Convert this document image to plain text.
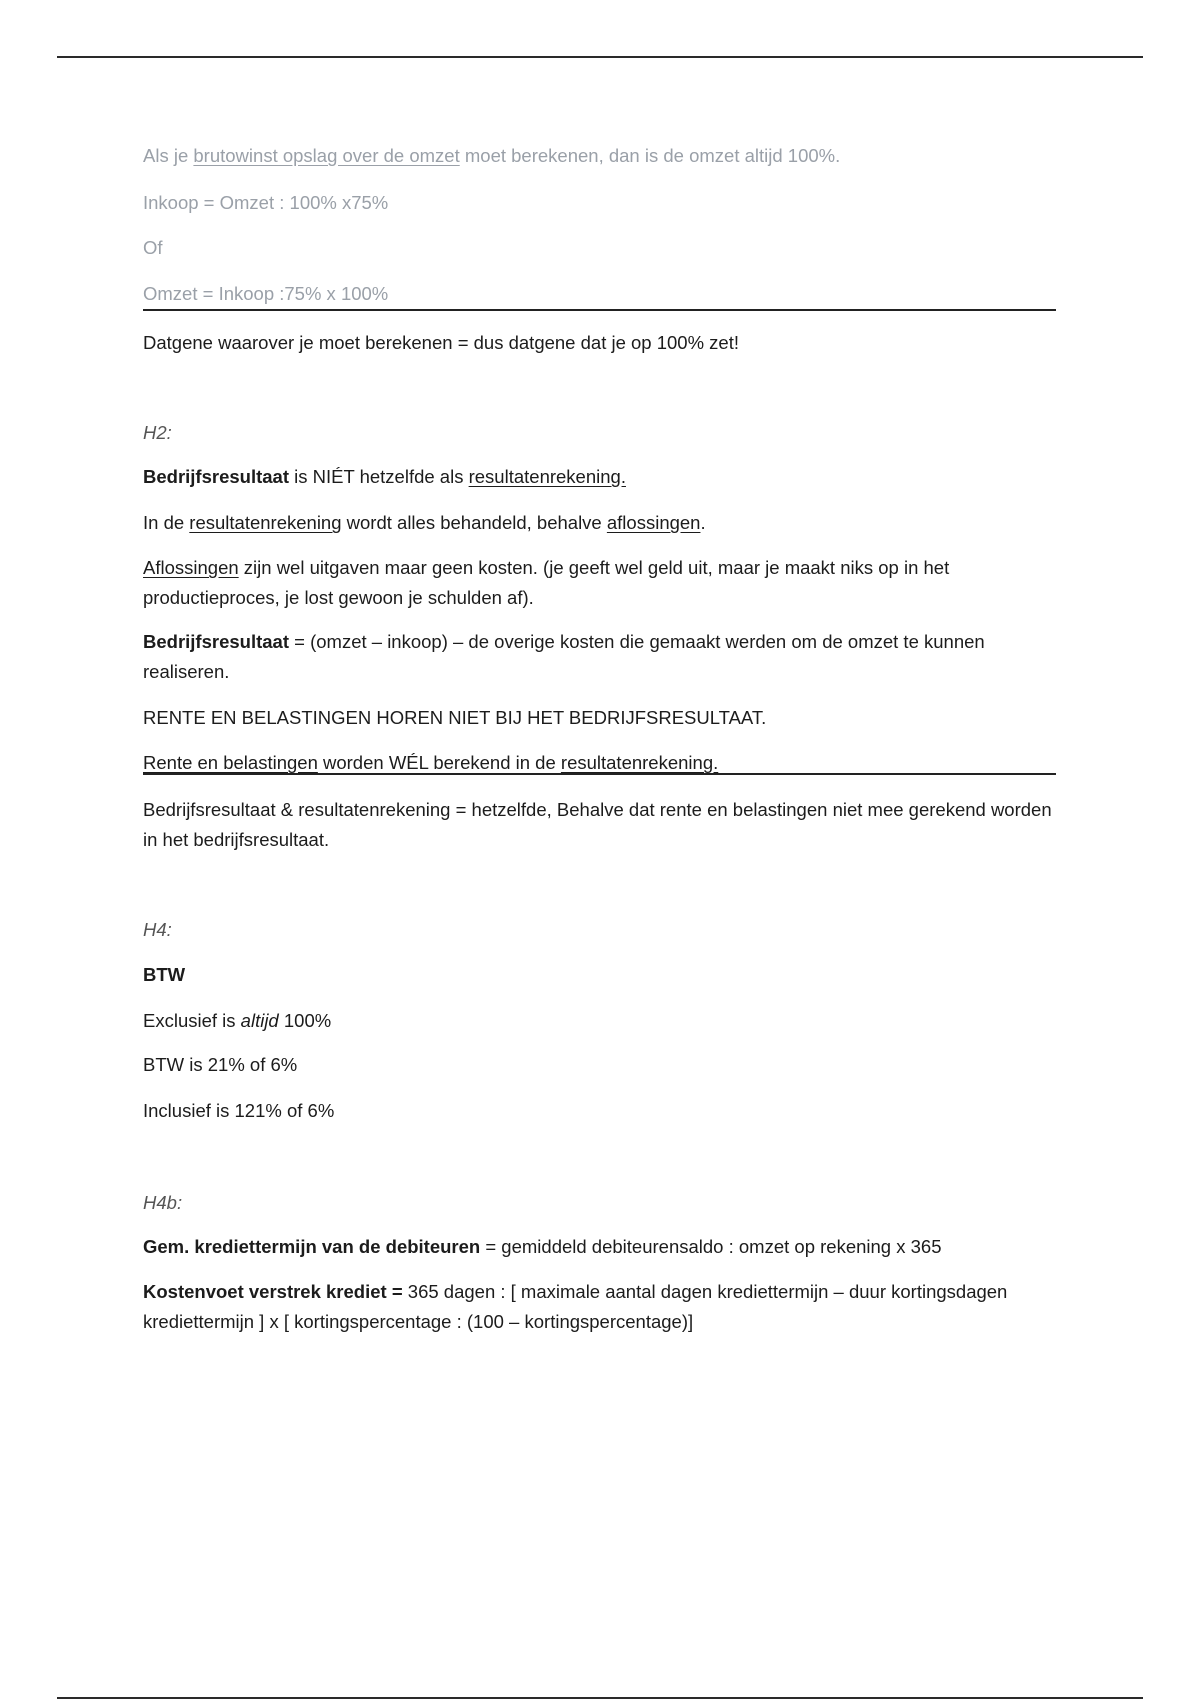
Als je brutowinst opslag over de omzet moet berekenen, dan is de omzet altijd 100%.
Inkoop = Omzet : 100% x75%
Of
Omzet = Inkoop :75% x 100%
Datgene waarover je moet berekenen = dus datgene dat je op 100% zet!
H2:
Bedrijfsresultaat is NIÉT hetzelfde als resultatenrekening.
In de resultatenrekening wordt alles behandeld, behalve aflossingen.
Aflossingen zijn wel uitgaven maar geen kosten. (je geeft wel geld uit, maar je maakt niks op in het productieproces, je lost gewoon je schulden af).
Bedrijfsresultaat = (omzet – inkoop) – de overige kosten die gemaakt werden om de omzet te kunnen realiseren.
RENTE EN BELASTINGEN HOREN NIET BIJ HET BEDRIJFSRESULTAAT.
Rente en belastingen worden WÉL berekend in de resultatenrekening.
Bedrijfsresultaat & resultatenrekening = hetzelfde, Behalve dat rente en belastingen niet mee gerekend worden in het bedrijfsresultaat.
H4:
BTW
Exclusief is altijd 100%
BTW is 21% of 6%
Inclusief is 121% of 6%
H4b:
Gem. krediettermijn van de debiteuren = gemiddeld debiteurensaldo : omzet op rekening x 365
Kostenvoet verstrek krediet = 365 dagen : [ maximale aantal dagen krediettermijn – duur kortingsdagen krediettermijn ] x [ kortingspercentage : (100 – kortingspercentage)]
